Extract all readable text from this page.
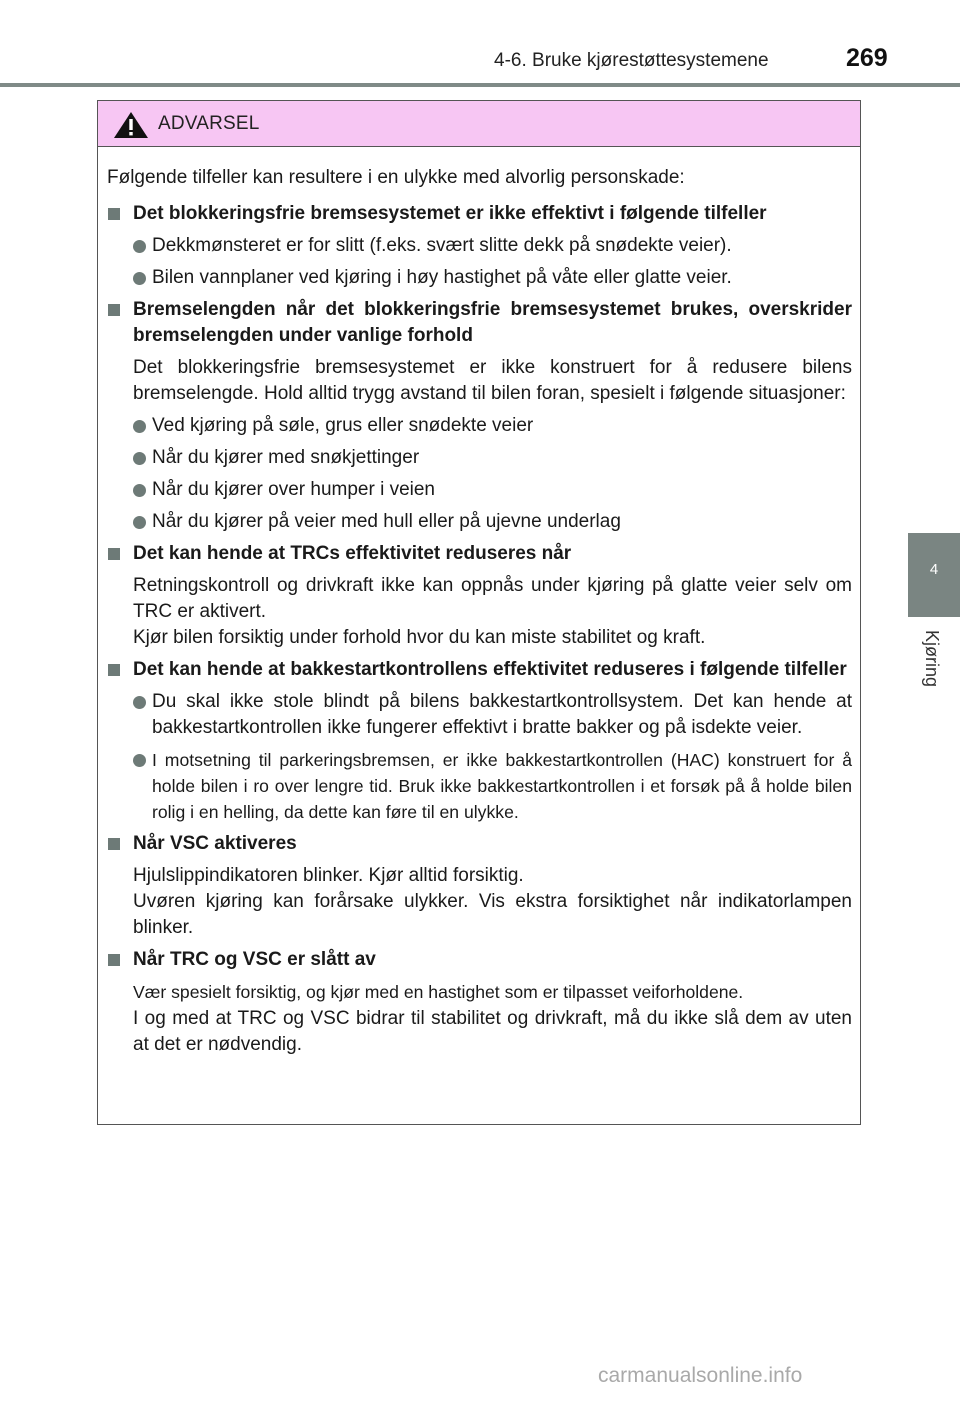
4-6. Bruke kjørestøttesystemene	269
4
Kjøring
ADVARSEL

Følgende tilfeller kan resultere i en ulykke med alvorlig personskade:

Det blokkeringsfrie bremsesystemet er ikke effektivt i følgende tilfeller
Dekkmønsteret er for slitt (f.eks. svært slitte dekk på snødekte veier).
Bilen vannplaner ved kjøring i høy hastighet på våte eller glatte veier.
Bremselengden når det blokkeringsfrie bremsesystemet brukes, overskrider bremselengden under vanlige forhold

Det blokkeringsfrie bremsesystemet er ikke konstruert for å redusere bilens bremselengde. Hold alltid trygg avstand til bilen foran, spesielt i følgende situasjoner:

Ved kjøring på søle, grus eller snødekte veier
Når du kjører med snøkjettinger
Når du kjører over humper i veien
Når du kjører på veier med hull eller på ujevne underlag
Det kan hende at TRCs effektivitet reduseres når

Retningskontroll og drivkraft ikke kan oppnås under kjøring på glatte veier selv om TRC er aktivert.
Kjør bilen forsiktig under forhold hvor du kan miste stabilitet og kraft.

Det kan hende at bakkestartkontrollens effektivitet reduseres i følgende tilfeller
Du skal ikke stole blindt på bilens bakkestartkontrollsystem. Det kan hende at bakkestartkontrollen ikke fungerer effektivt i bratte bakker og på isdekte veier.
I motsetning til parkeringsbremsen, er ikke bakkestartkontrollen (HAC) konstruert for å holde bilen i ro over lengre tid. Bruk ikke bakkestartkontrollen i et forsøk på å holde bilen rolig i en helling, da dette kan føre til en ulykke.
Når VSC aktiveres

Hjulslippindikatoren blinker. Kjør alltid forsiktig.
Uvøren kjøring kan forårsake ulykker. Vis ekstra forsiktighet når indikatorlampen blinker.

Når TRC og VSC er slått av

Vær spesielt forsiktig, og kjør med en hastighet som er tilpasset veiforholdene.
I og med at TRC og VSC bidrar til stabilitet og drivkraft, må du ikke slå dem av uten at det er nødvendig.

carmanualsonline.info
